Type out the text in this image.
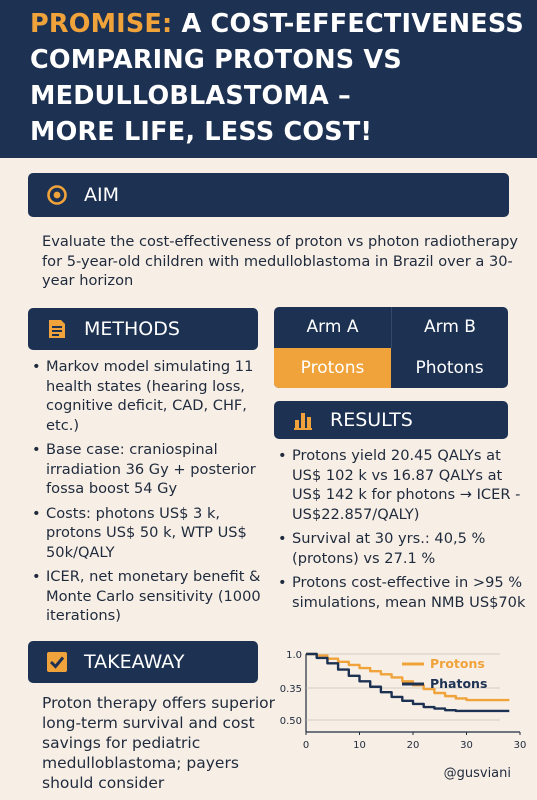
PROMISE: A COST-EFFECTIVENESS
COMPARING PROTONS VS
MEDULLOBLASTOMA –
MORE LIFE, LESS COST!
AIM
Evaluate the cost-effectiveness of proton vs photon radiotherapy for 5-year-old children with medulloblastoma in Brazil over a 30-year horizon
METHODS
• Markov model simulating 11 health states (hearing loss, cognitive deficit, CAD, CHF, etc.)
• Base case: craniospinal irradiation 36 Gy + posterior fossa boost 54 Gy
• Costs: photons US$ 3 k, protons US$ 50 k, WTP US$ 50k/QALY
• ICER, net monetary benefit & Monte Carlo sensitivity (1000 iterations)
Arm A	Arm B
Protons	Photons
RESULTS
• Protons yield 20.45 QALYs at US$ 102 k vs 16.87 QALYs at US$ 142 k for photons → ICER -US$22.857/QALY)
• Survival at 30 yrs.: 40,5 % (protons) vs 27.1 %
• Protons cost-effective in >95 % simulations, mean NMB US$70k
TAKEAWAY
Proton therapy offers superior long-term survival and cost savings for pediatric medulloblastoma; payers should consider
1.0
0.35
0.50
0	10	20	30	30
Protons
Phatons
@gusviani
